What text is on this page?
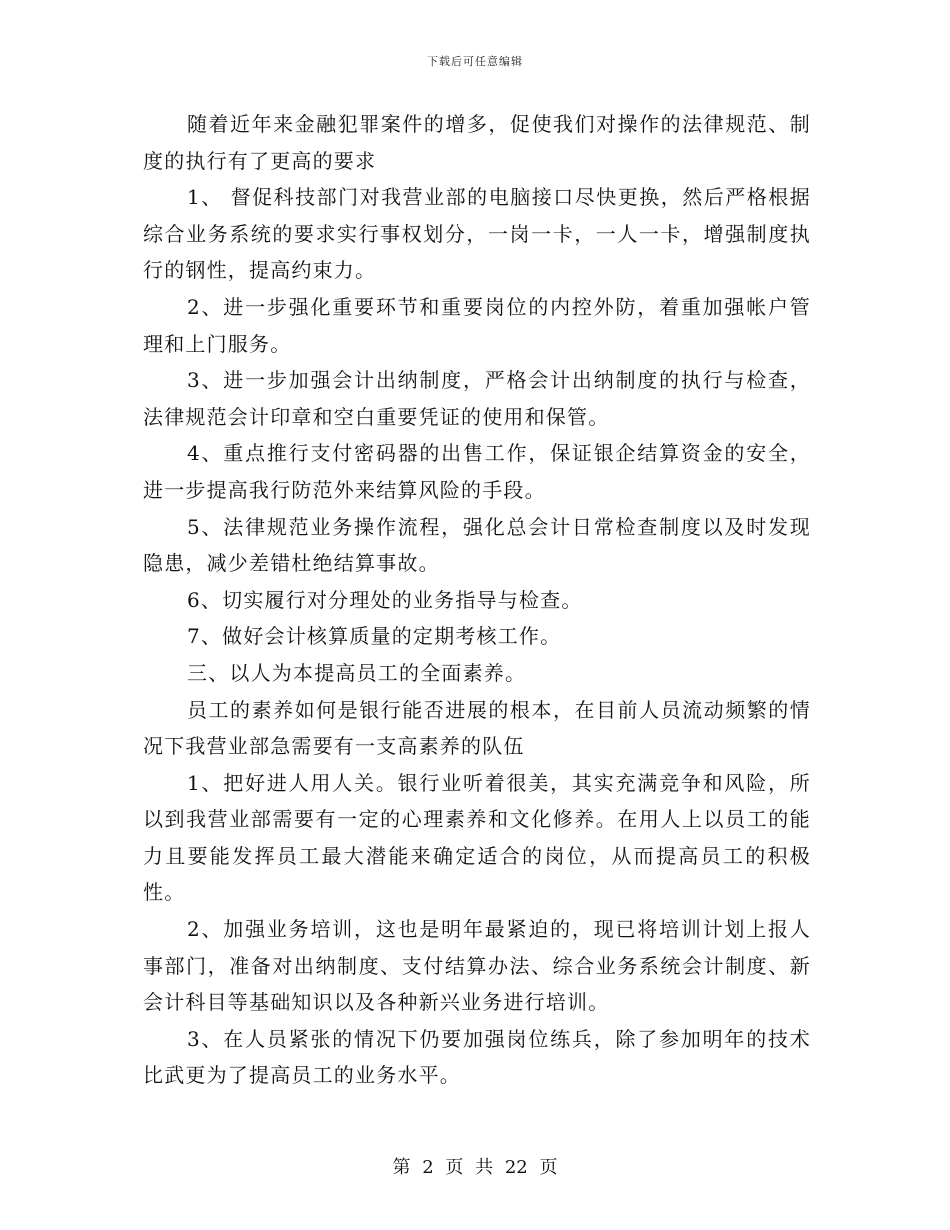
下载后可任意编辑

随着近年来金融犯罪案件的增多，促使我们对操作的法律规范、制度的执行有了更高的要求

1、 督促科技部门对我营业部的电脑接口尽快更换，然后严格根据综合业务系统的要求实行事权划分，一岗一卡，一人一卡，增强制度执行的钢性，提高约束力。

2、进一步强化重要环节和重要岗位的内控外防，着重加强帐户管理和上门服务。

3、进一步加强会计出纳制度，严格会计出纳制度的执行与检查，法律规范会计印章和空白重要凭证的使用和保管。

4、重点推行支付密码器的出售工作，保证银企结算资金的安全，进一步提高我行防范外来结算风险的手段。

5、法律规范业务操作流程，强化总会计日常检查制度以及时发现隐患，减少差错杜绝结算事故。

6、切实履行对分理处的业务指导与检查。

7、做好会计核算质量的定期考核工作。

三、以人为本提高员工的全面素养。

员工的素养如何是银行能否进展的根本，在目前人员流动频繁的情况下我营业部急需要有一支高素养的队伍

1、把好进人用人关。银行业听着很美，其实充满竞争和风险，所以到我营业部需要有一定的心理素养和文化修养。在用人上以员工的能力且要能发挥员工最大潜能来确定适合的岗位，从而提高员工的积极性。

2、加强业务培训，这也是明年最紧迫的，现已将培训计划上报人事部门，准备对出纳制度、支付结算办法、综合业务系统会计制度、新会计科目等基础知识以及各种新兴业务进行培训。

3、在人员紧张的情况下仍要加强岗位练兵，除了参加明年的技术比武更为了提高员工的业务水平。

第 2 页 共 22 页
